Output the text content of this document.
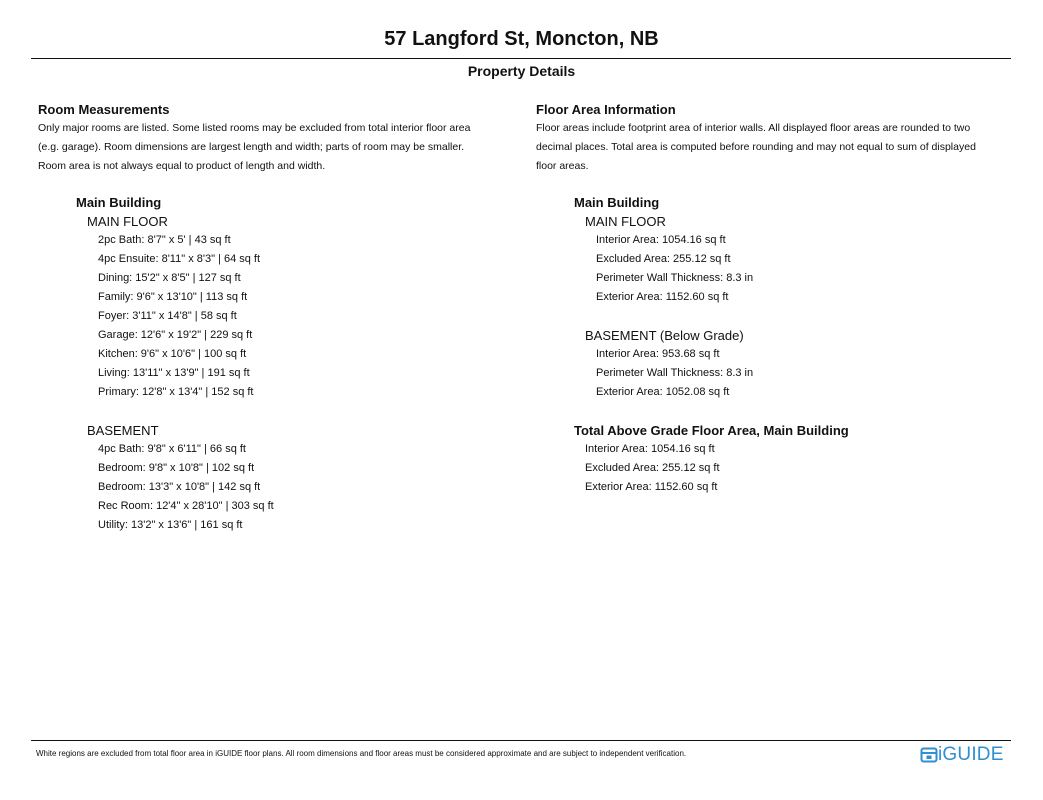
57 Langford St, Moncton, NB
Property Details
Room Measurements
Only major rooms are listed. Some listed rooms may be excluded from total interior floor area
(e.g. garage). Room dimensions are largest length and width; parts of room may be smaller.
Room area is not always equal to product of length and width.
Main Building
MAIN FLOOR
2pc Bath: 8'7" x 5' | 43 sq ft
4pc Ensuite: 8'11" x 8'3" | 64 sq ft
Dining: 15'2" x 8'5" | 127 sq ft
Family: 9'6" x 13'10" | 113 sq ft
Foyer: 3'11" x 14'8" | 58 sq ft
Garage: 12'6" x 19'2" | 229 sq ft
Kitchen: 9'6" x 10'6" | 100 sq ft
Living: 13'11" x 13'9" | 191 sq ft
Primary: 12'8" x 13'4" | 152 sq ft
BASEMENT
4pc Bath: 9'8" x 6'11" | 66 sq ft
Bedroom: 9'8" x 10'8" | 102 sq ft
Bedroom: 13'3" x 10'8" | 142 sq ft
Rec Room: 12'4" x 28'10" | 303 sq ft
Utility: 13'2" x 13'6" | 161 sq ft
Floor Area Information
Floor areas include footprint area of interior walls. All displayed floor areas are rounded to two
decimal places. Total area is computed before rounding and may not equal to sum of displayed
floor areas.
Main Building
MAIN FLOOR
Interior Area: 1054.16 sq ft
Excluded Area: 255.12 sq ft
Perimeter Wall Thickness: 8.3 in
Exterior Area: 1152.60 sq ft
BASEMENT (Below Grade)
Interior Area: 953.68 sq ft
Perimeter Wall Thickness: 8.3 in
Exterior Area: 1052.08 sq ft
Total Above Grade Floor Area, Main Building
Interior Area: 1054.16 sq ft
Excluded Area: 255.12 sq ft
Exterior Area: 1152.60 sq ft
White regions are excluded from total floor area in iGUIDE floor plans. All room dimensions and floor areas must be considered approximate and are subject to independent verification.	iGUIDE
